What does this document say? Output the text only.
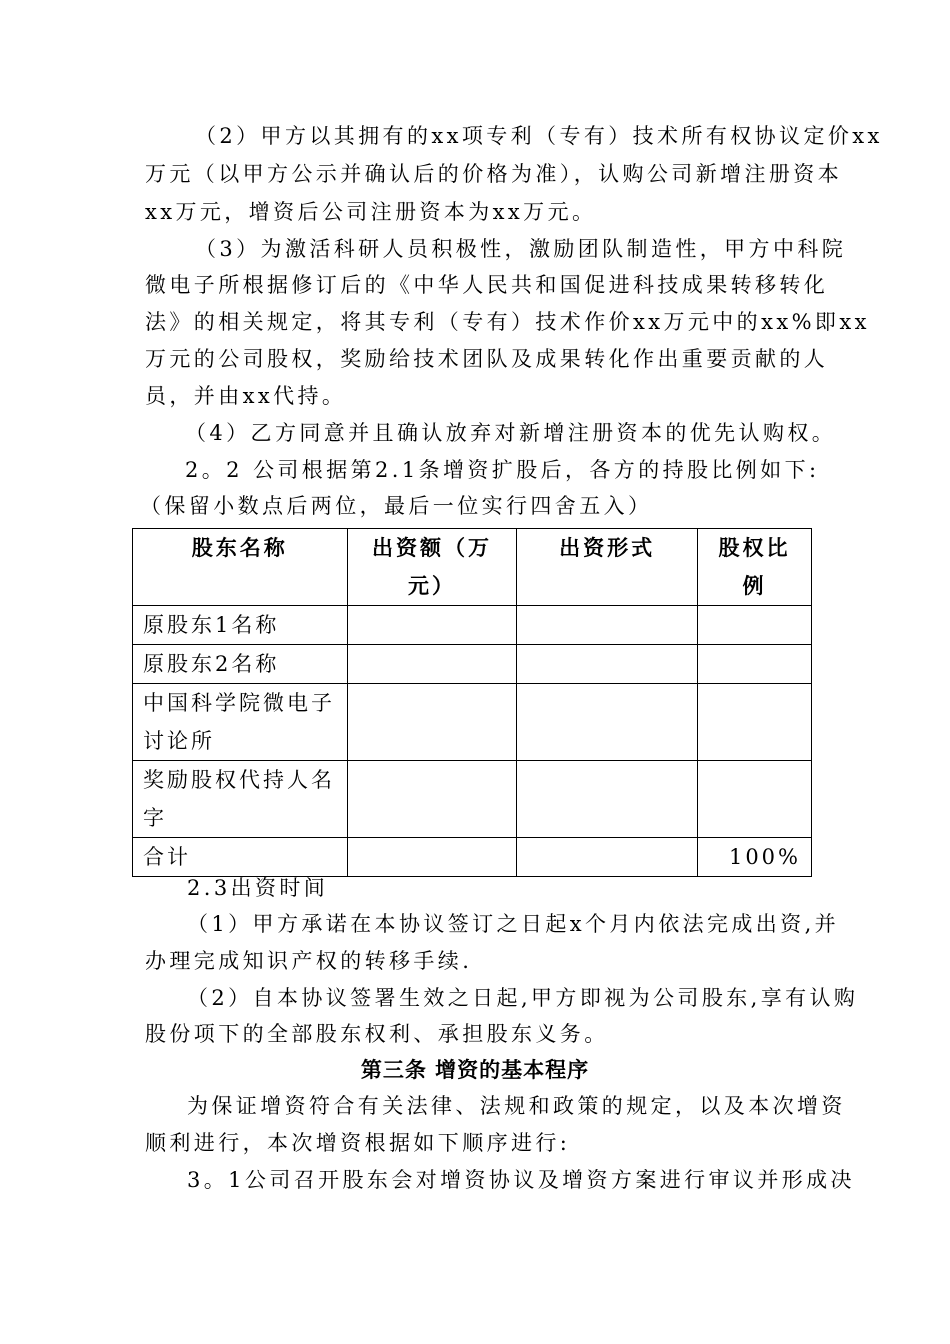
（2）甲方以其拥有的xx项专利（专有）技术所有权协议定价xx
万元（以甲方公示并确认后的价格为准），认购公司新增注册资本
xx万元，增资后公司注册资本为xx万元。
（3）为激活科研人员积极性，激励团队制造性，甲方中科院
微电子所根据修订后的《中华人民共和国促进科技成果转移转化
法》的相关规定，将其专利（专有）技术作价xx万元中的xx%即xx
万元的公司股权，奖励给技术团队及成果转化作出重要贡献的人
员，并由xx代持。
（4）乙方同意并且确认放弃对新增注册资本的优先认购权。
2。2 公司根据第2.1条增资扩股后，各方的持股比例如下:
（保留小数点后两位，最后一位实行四舍五入）
股东名称	出资额（万元）	出资形式	股权比例
原股东1名称			
原股东2名称			
中国科学院微电子讨论所			
奖励股权代持人名字			
合计			100%
2.3出资时间
（1）甲方承诺在本协议签订之日起x个月内依法完成出资,并
办理完成知识产权的转移手续.
（2）自本协议签署生效之日起,甲方即视为公司股东,享有认购
股份项下的全部股东权利、承担股东义务。
第三条 增资的基本程序
为保证增资符合有关法律、法规和政策的规定，以及本次增资
顺利进行，本次增资根据如下顺序进行:
3。1公司召开股东会对增资协议及增资方案进行审议并形成决
